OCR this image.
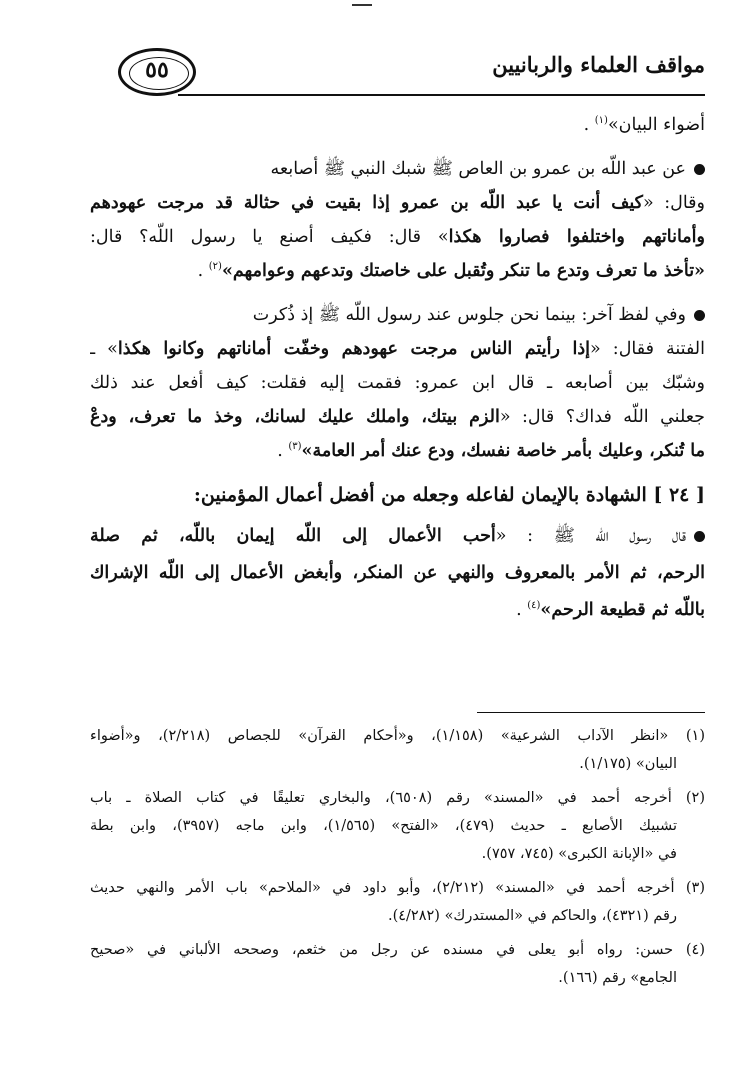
مواقف العلماء والربانيين
٥٥
أضواء البيان»$^{(١)}$ .
عن عبد اللّه بن عمرو بن العاص ﷺ شبك النبي ﷺ أصابعه
وقال: «كيف أنت يا عبد اللّه بن عمرو إذا بقيت في حثالة قد مرجت عهودهم
وأماناتهم واختلفوا فصاروا هكذا» قال: فكيف أصنع يا رسول اللّه؟ قال:
«تأخذ ما تعرف وتدع ما تنكر وتُقبل على خاصتك وتدعهم وعوامهم»$^{(٢)}$ .
وفي لفظ آخر: بينما نحن جلوس عند رسول اللّه ﷺ إذ ذُكرت
الفتنة فقال: «إذا رأيتم الناس مرجت عهودهم وخفّت أماناتهم وكانوا هكذا» ـ
وشبّك بين أصابعه ـ قال ابن عمرو: فقمت إليه فقلت: كيف أفعل عند ذلك
جعلني اللّه فداك؟ قال: «الزم بيتك، واملك عليك لسانك، وخذ ما تعرف، ودعْ
ما تُنكر، وعليك بأمر خاصة نفسك، ودع عنك أمر العامة»$^{(٣)}$ .
[ ٢٤ ] الشهادة بالإيمان لفاعله وجعله من أفضل أعمال المؤمنين:
قال رسول اللّه ﷺ : «أحب الأعمال إلى اللّه إيمان باللّه، ثم صلة
الرحم، ثم الأمر بالمعروف والنهي عن المنكر، وأبغض الأعمال إلى اللّه الإشراك
باللّه ثم قطيعة الرحم»$^{(٤)}$ .
(١) «انظر الآداب الشرعية» (١/١٥٨)، و«أحكام القرآن» للجصاص (٢/٢١٨)، و«أضواء
البيان» (١/١٧٥).
(٢) أخرجه أحمد في «المسند» رقم (٦٥٠٨)، والبخاري تعليقًا في كتاب الصلاة ـ باب
تشبيك الأصابع ـ حديث (٤٧٩)، «الفتح» (١/٥٦٥)، وابن ماجه (٣٩٥٧)، وابن بطة
في «الإبانة الكبرى» (٧٤٥، ٧٥٧).
(٣) أخرجه أحمد في «المسند» (٢/٢١٢)، وأبو داود في «الملاحم» باب الأمر والنهي حديث
رقم (٤٣٢١)، والحاكم في «المستدرك» (٤/٢٨٢).
(٤) حسن: رواه أبو يعلى في مسنده عن رجل من خثعم، وصححه الألباني في «صحيح
الجامع» رقم (١٦٦).
